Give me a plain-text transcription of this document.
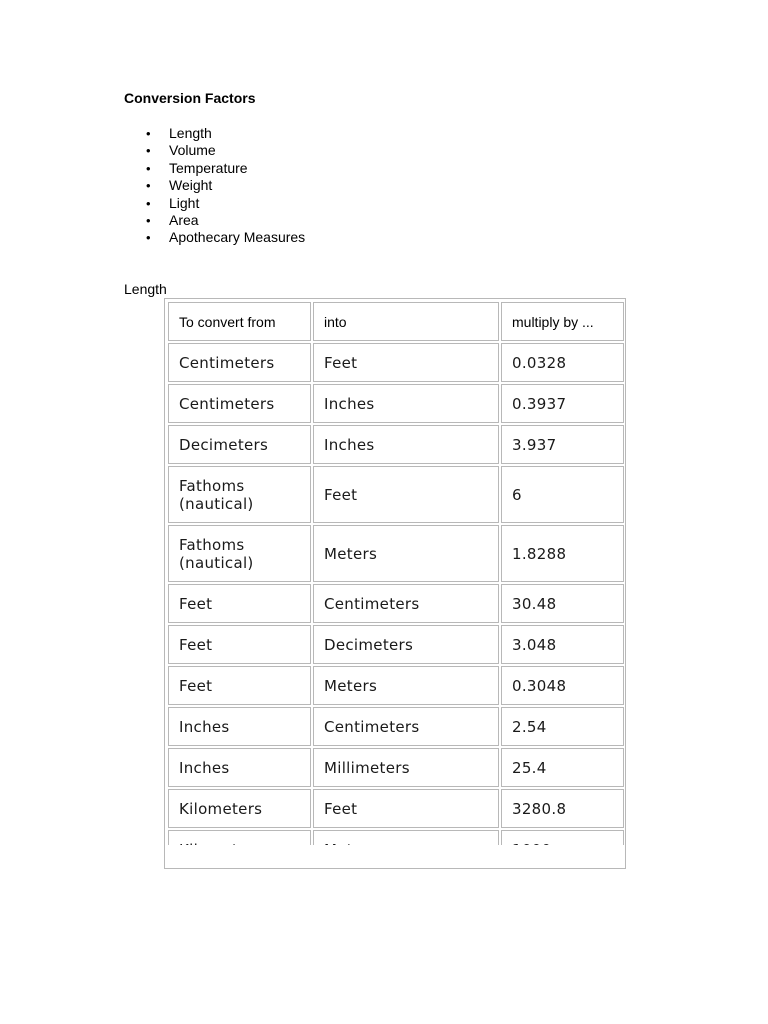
Conversion Factors
• Length
• Volume
• Temperature
• Weight
• Light
• Area
• Apothecary Measures
Length
To convert from	into	multiply by ...
Centimeters	Feet	0.0328
Centimeters	Inches	0.3937
Decimeters	Inches	3.937
Fathoms (nautical)	Feet	6
Fathoms (nautical)	Meters	1.8288
Feet	Centimeters	30.48
Feet	Decimeters	3.048
Feet	Meters	0.3048
Inches	Centimeters	2.54
Inches	Millimeters	25.4
Kilometers	Feet	3280.8
